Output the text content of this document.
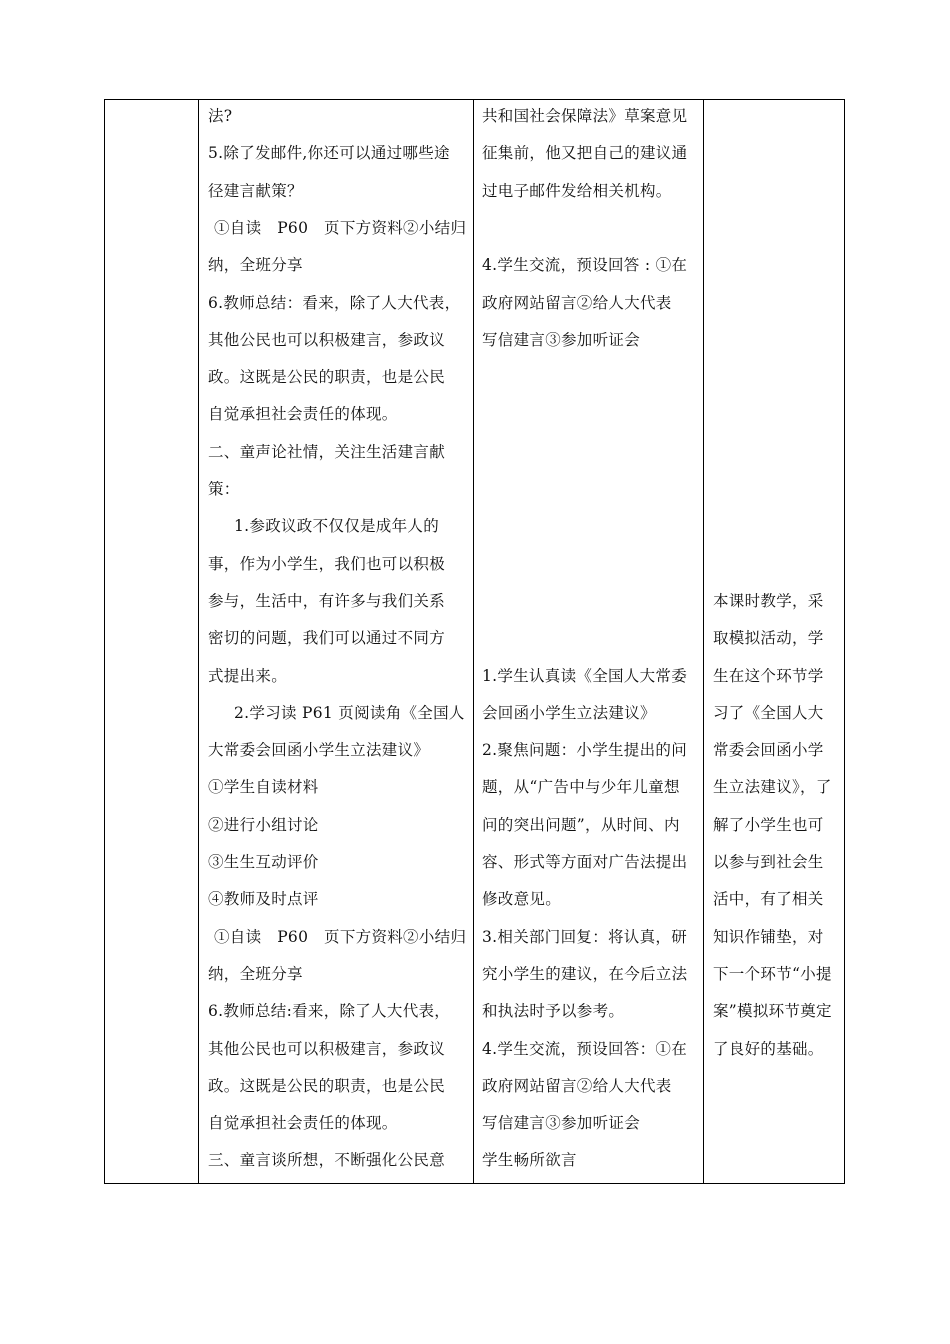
法?
5.除了发邮件,你还可以通过哪些途
径建言献策？
①自读　P60　页下方资料②小结归
纳，全班分享
6.教师总结：看来，除了人大代表，
其他公民也可以积极建言，参政议
政。这既是公民的职责，也是公民
自觉承担社会责任的体现。
二、童声论社情，关注生活建言献
策：
1.参政议政不仅仅是成年人的
事，作为小学生，我们也可以积极
参与，生活中，有许多与我们关系
密切的问题，我们可以通过不同方
式提出来。
2.学习读 P61 页阅读角《全国人
大常委会回函小学生立法建议》
①学生自读材料
②进行小组讨论
③生生互动评价
④教师及时点评
①自读　P60　页下方资料②小结归
纳，全班分享
6.教师总结:看来，除了人大代表，
其他公民也可以积极建言，参政议
政。这既是公民的职责，也是公民
自觉承担社会责任的体现。
三、童言谈所想，不断强化公民意
共和国社会保障法》草案意见
征集前，他又把自己的建议通
过电子邮件发给相关机构。
4.学生交流，预设回答 : ①在
政府网站留言②给人大代表
写信建言③参加听证会
1.学生认真读《全国人大常委
会回函小学生立法建议》
2.聚焦问题：小学生提出的问
题，从“广告中与少年儿童想
问的突出问题”，从时间、内
容、形式等方面对广告法提出
修改意见。
3.相关部门回复：将认真，研
究小学生的建议，在今后立法
和执法时予以参考。
4.学生交流，预设回答：①在
政府网站留言②给人大代表
写信建言③参加听证会
学生畅所欲言
本课时教学，采
取模拟活动，学
生在这个环节学
习了《全国人大
常委会回函小学
生立法建议》，了
解了小学生也可
以参与到社会生
活中，有了相关
知识作铺垫，对
下一个环节“小提
案”模拟环节奠定
了良好的基础。
